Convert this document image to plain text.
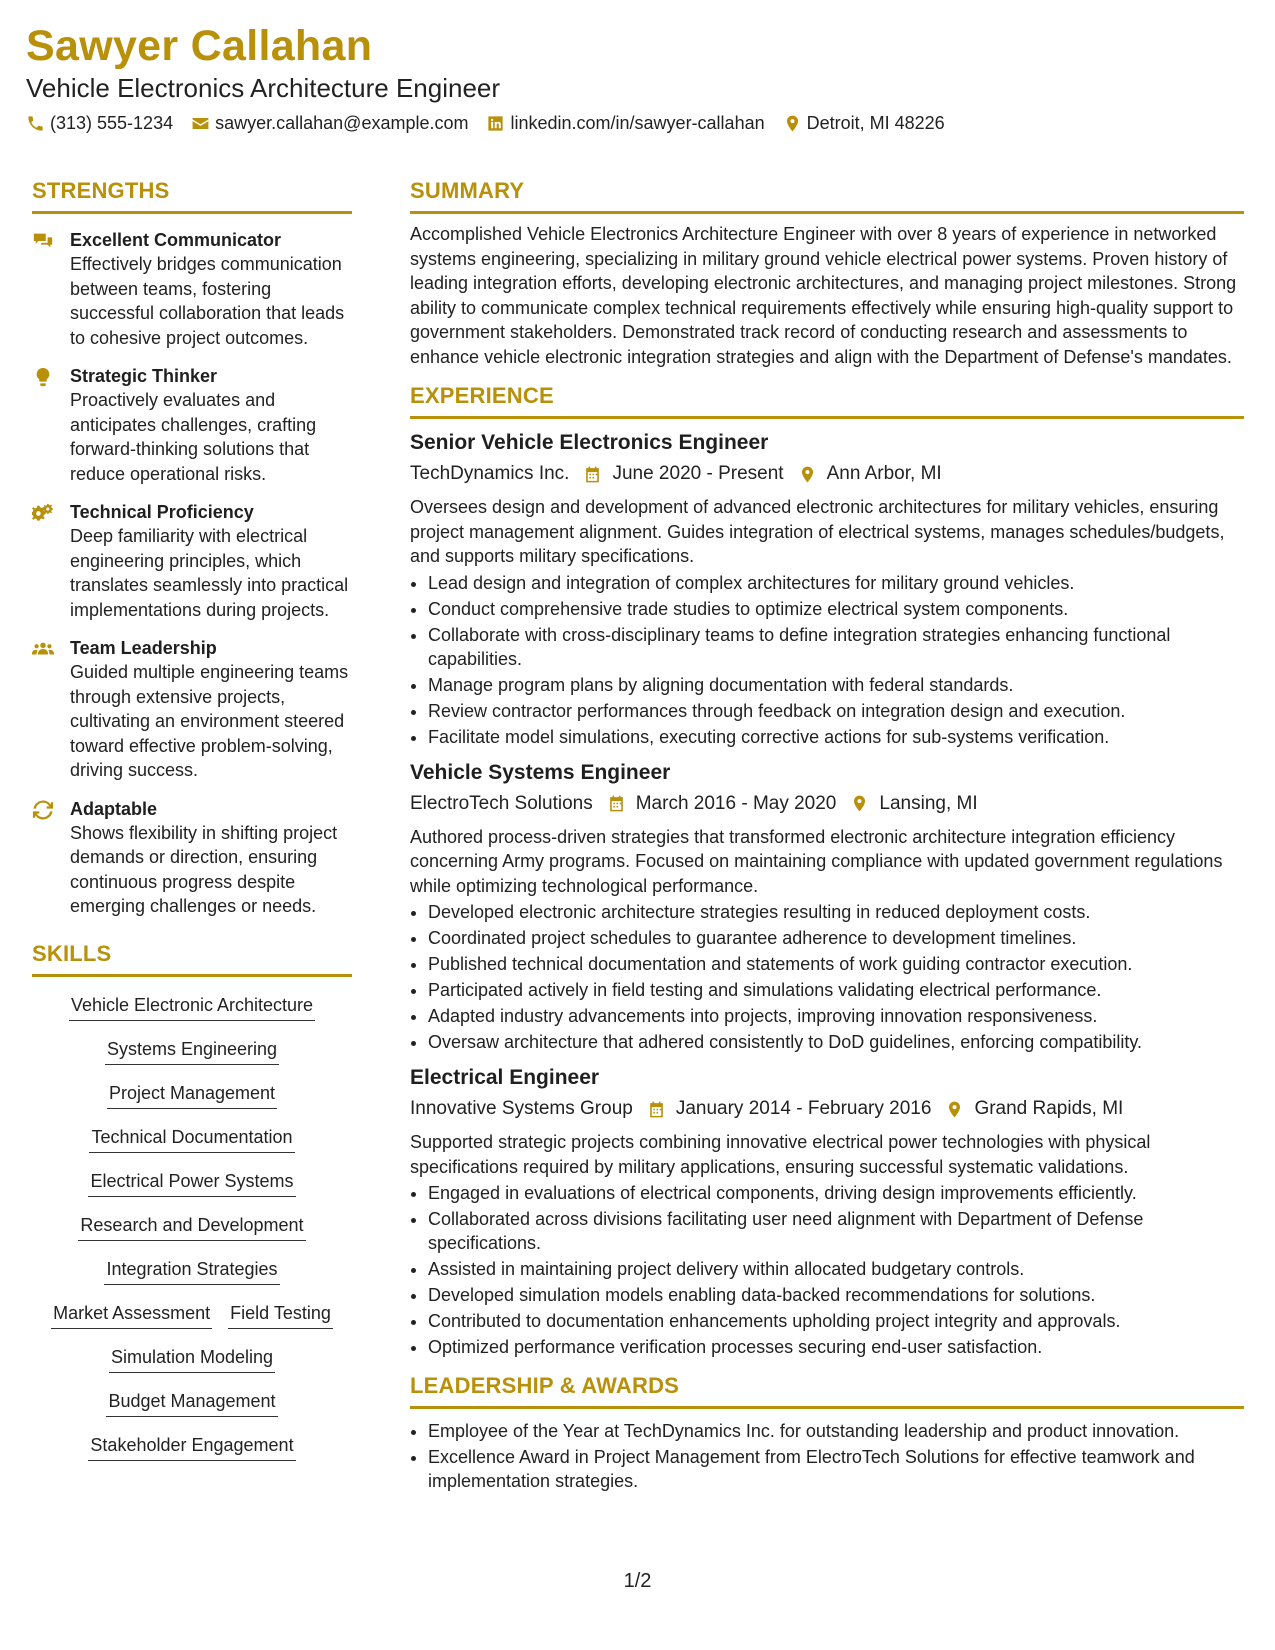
Sawyer Callahan
Vehicle Electronics Architecture Engineer
(313) 555-1234 sawyer.callahan@example.com linkedin.com/in/sawyer-callahan Detroit, MI 48226
STRENGTHS
Excellent Communicator
Effectively bridges communication between teams, fostering successful collaboration that leads to cohesive project outcomes.
Strategic Thinker
Proactively evaluates and anticipates challenges, crafting forward-thinking solutions that reduce operational risks.
Technical Proficiency
Deep familiarity with electrical engineering principles, which translates seamlessly into practical implementations during projects.
Team Leadership
Guided multiple engineering teams through extensive projects, cultivating an environment steered toward effective problem-solving, driving success.
Adaptable
Shows flexibility in shifting project demands or direction, ensuring continuous progress despite emerging challenges or needs.
SKILLS
Vehicle Electronic Architecture
Systems Engineering
Project Management
Technical Documentation
Electrical Power Systems
Research and Development
Integration Strategies
Market Assessment Field Testing
Simulation Modeling
Budget Management
Stakeholder Engagement
SUMMARY

Accomplished Vehicle Electronics Architecture Engineer with over 8 years of experience in networked systems engineering, specializing in military ground vehicle electrical power systems. Proven history of leading integration efforts, developing electronic architectures, and managing project milestones. Strong ability to communicate complex technical requirements effectively while ensuring high-quality support to government stakeholders. Demonstrated track record of conducting research and assessments to enhance vehicle electronic integration strategies and align with the Department of Defense's mandates.

EXPERIENCE
Senior Vehicle Electronics Engineer
TechDynamics Inc. June 2020 - Present Ann Arbor, MI
Oversees design and development of advanced electronic architectures for military vehicles, ensuring project management alignment. Guides integration of electrical systems, manages schedules/budgets, and supports military specifications.
• Lead design and integration of complex architectures for military ground vehicles.
• Conduct comprehensive trade studies to optimize electrical system components.
• Collaborate with cross-disciplinary teams to define integration strategies enhancing functional capabilities.
• Manage program plans by aligning documentation with federal standards.
• Review contractor performances through feedback on integration design and execution.
• Facilitate model simulations, executing corrective actions for sub-systems verification.
Vehicle Systems Engineer
ElectroTech Solutions March 2016 - May 2020 Lansing, MI
Authored process-driven strategies that transformed electronic architecture integration efficiency concerning Army programs. Focused on maintaining compliance with updated government regulations while optimizing technological performance.
• Developed electronic architecture strategies resulting in reduced deployment costs.
• Coordinated project schedules to guarantee adherence to development timelines.
• Published technical documentation and statements of work guiding contractor execution.
• Participated actively in field testing and simulations validating electrical performance.
• Adapted industry advancements into projects, improving innovation responsiveness.
• Oversaw architecture that adhered consistently to DoD guidelines, enforcing compatibility.
Electrical Engineer
Innovative Systems Group January 2014 - February 2016 Grand Rapids, MI
Supported strategic projects combining innovative electrical power technologies with physical specifications required by military applications, ensuring successful systematic validations.
• Engaged in evaluations of electrical components, driving design improvements efficiently.
• Collaborated across divisions facilitating user need alignment with Department of Defense specifications.
• Assisted in maintaining project delivery within allocated budgetary controls.
• Developed simulation models enabling data-backed recommendations for solutions.
• Contributed to documentation enhancements upholding project integrity and approvals.
• Optimized performance verification processes securing end-user satisfaction.
LEADERSHIP & AWARDS
• Employee of the Year at TechDynamics Inc. for outstanding leadership and product innovation.
• Excellence Award in Project Management from ElectroTech Solutions for effective teamwork and implementation strategies.
1/2
